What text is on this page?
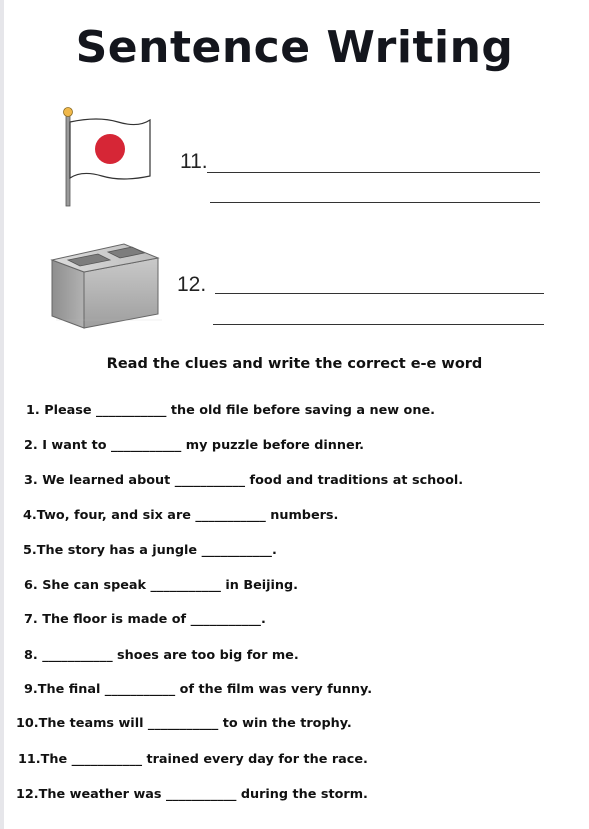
Sentence Writing
11.
12.
Read the clues and write the correct e-e word
1. Please ___________ the old file before saving a new one.
2. I want to ___________ my puzzle before dinner.
3. We learned about ___________ food and traditions at school.
4.Two, four, and six are ___________ numbers.
5.The story has a jungle ___________.
6. She can speak ___________ in Beijing.
7. The floor is made of ___________.
8. ___________ shoes are too big for me.
9.The final ___________ of the film was very funny.
10.The teams will ___________ to win the trophy.
11.The ___________ trained every day for the race.
12.The weather was ___________ during the storm.
